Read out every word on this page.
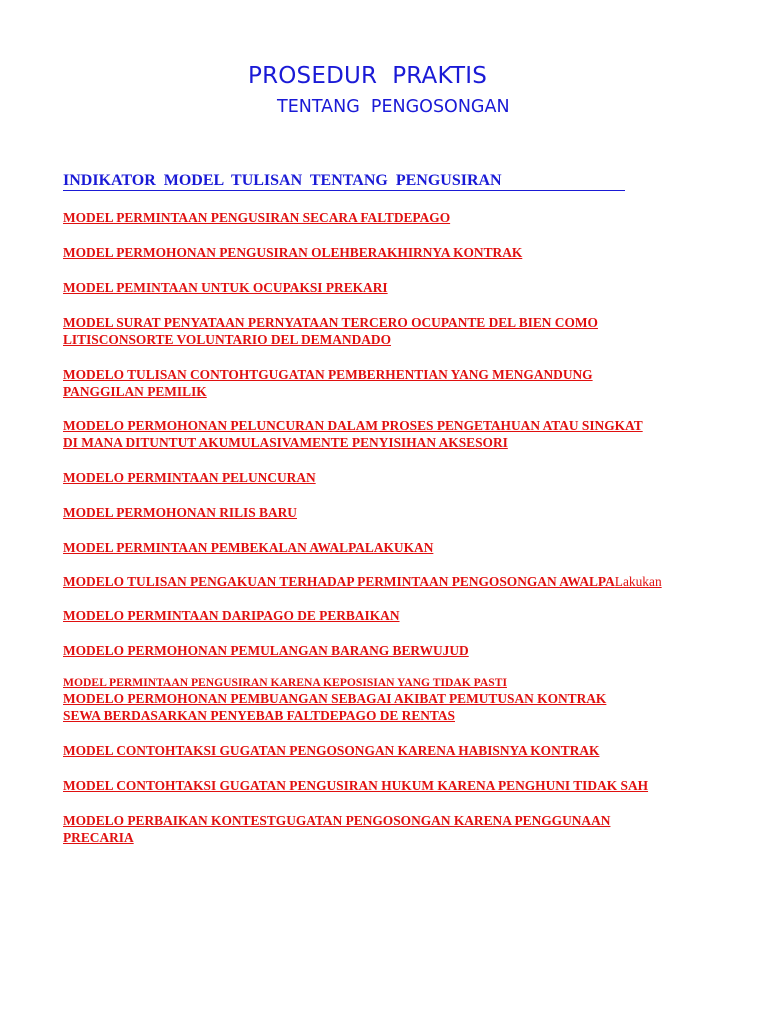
PROSEDUR  PRAKTIS
TENTANG  PENGOSONGAN
INDIKATOR  MODEL  TULISAN  TENTANG  PENGUSIRAN
MODEL PERMINTAAN PENGUSIRAN SECARA FALTDEPAGO
MODEL PERMOHONAN PENGUSIRAN OLEHBERAKHIRNYA KONTRAK
MODEL PEMINTAAN UNTUK OCUPAKSI PREKARI
MODEL SURAT PENYATAAN PERNYATAAN TERCERO OCUPANTE DEL BIEN COMO
LITISCONSORTE VOLUNTARIO DEL DEMANDADO
MODELO TULISAN CONTOHTGUGATAN PEMBERHENTIAN YANG MENGANDUNG
PANGGILAN PEMILIK
MODELO PERMOHONAN PELUNCURAN DALAM PROSES PENGETAHUAN ATAU SINGKAT
DI MANA DITUNTUT AKUMULASIVAMENTE PENYISIHAN AKSESORI
MODELO PERMINTAAN PELUNCURAN
MODEL PERMOHONAN RILIS BARU
MODEL PERMINTAAN PEMBEKALAN AWALPALAKUKAN
MODELO TULISAN PENGAKUAN TERHADAP PERMINTAAN PENGOSONGAN AWALPALakukan
MODELO PERMINTAAN DARIPAGO DE PERBAIKAN
MODELO PERMOHONAN PEMULANGAN BARANG BERWUJUD
MODEL PERMINTAAN PENGUSIRAN KARENA KEPOSISIAN YANG TIDAK PASTI
MODELO PERMOHONAN PEMBUANGAN SEBAGAI AKIBAT PEMUTUSAN KONTRAK
SEWA BERDASARKAN PENYEBAB FALTDEPAGO DE RENTAS
MODEL CONTOHTAKSI GUGATAN PENGOSONGAN KARENA HABISNYA KONTRAK
MODEL CONTOHTAKSI GUGATAN PENGUSIRAN HUKUM KARENA PENGHUNI TIDAK SAH
MODELO PERBAIKAN KONTESTGUGATAN PENGOSONGAN KARENA PENGGUNAAN
PRECARIA
